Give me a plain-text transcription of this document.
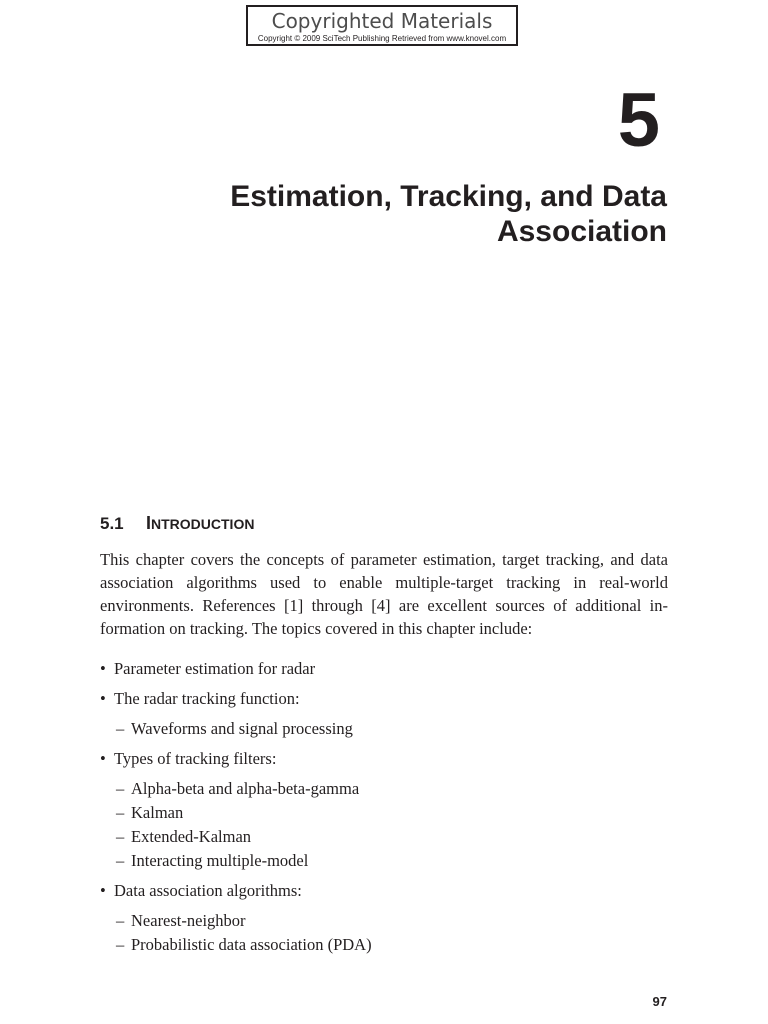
Copyrighted Materials
Copyright © 2009 SciTech Publishing Retrieved from www.knovel.com
5
Estimation, Tracking, and Data
Association
5.1 INTRODUCTION

This chapter covers the concepts of parameter estimation, target tracking, and data association algorithms used to enable multiple-target tracking in real-world environments. References [1] through [4] are excellent sources of additional in-formation on tracking. The topics covered in this chapter include:

• Parameter estimation for radar
• The radar tracking function:
– Waveforms and signal processing
• Types of tracking filters:
– Alpha-beta and alpha-beta-gamma
– Kalman
– Extended-Kalman
– Interacting multiple-model
• Data association algorithms:
– Nearest-neighbor
– Probabilistic data association (PDA)
97
